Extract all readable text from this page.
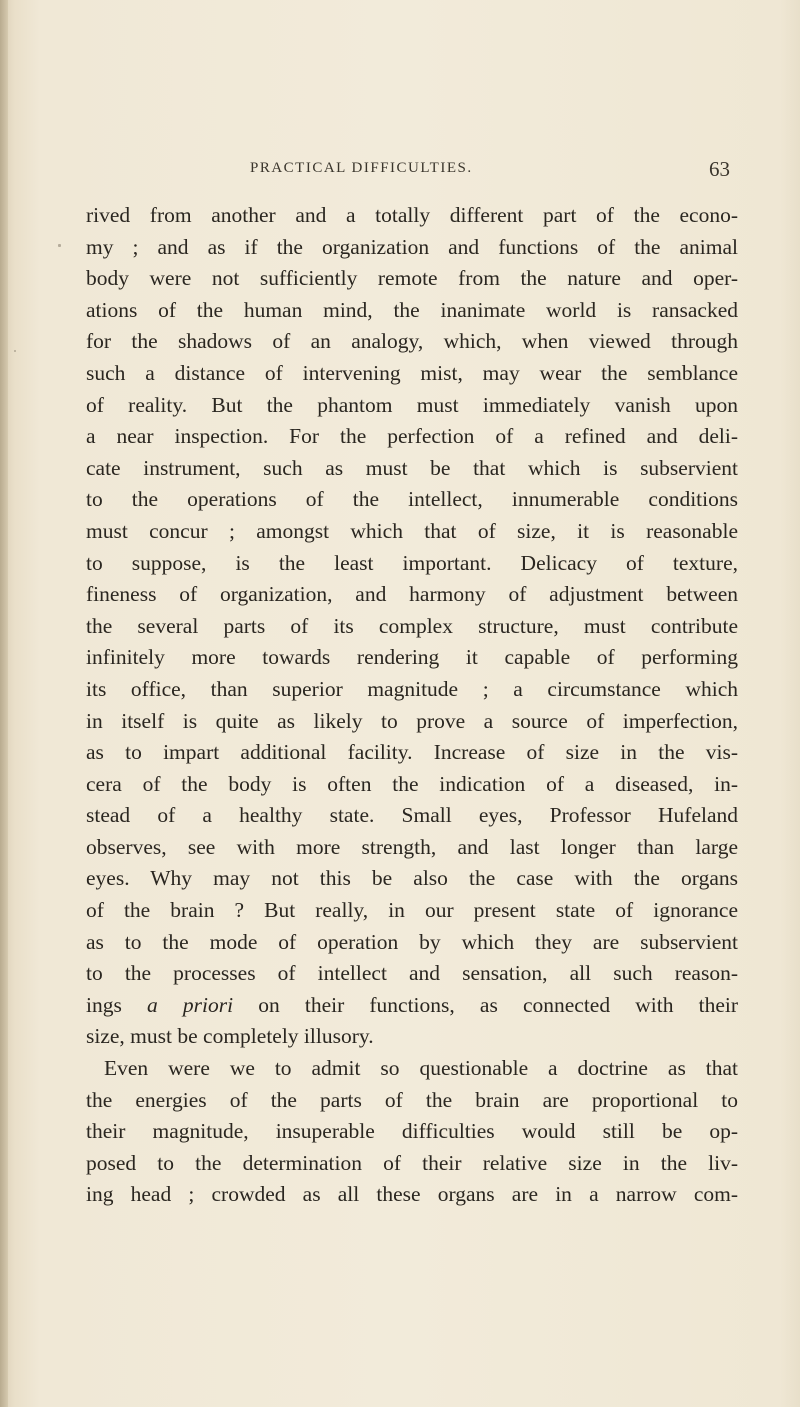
PRACTICAL DIFFICULTIES.	63
rived from another and a totally different part of the econo-
my ; and as if the organization and functions of the animal
body were not sufficiently remote from the nature and oper-
ations of the human mind, the inanimate world is ransacked
for the shadows of an analogy, which, when viewed through
such a distance of intervening mist, may wear the semblance
of reality. But the phantom must immediately vanish upon
a near inspection. For the perfection of a refined and deli-
cate instrument, such as must be that which is subservient
to the operations of the intellect, innumerable conditions
must concur ; amongst which that of size, it is reasonable
to suppose, is the least important. Delicacy of texture,
fineness of organization, and harmony of adjustment between
the several parts of its complex structure, must contribute
infinitely more towards rendering it capable of performing
its office, than superior magnitude ; a circumstance which
in itself is quite as likely to prove a source of imperfection,
as to impart additional facility. Increase of size in the vis-
cera of the body is often the indication of a diseased, in-
stead of a healthy state. Small eyes, Professor Hufeland
observes, see with more strength, and last longer than large
eyes. Why may not this be also the case with the organs
of the brain ? But really, in our present state of ignorance
as to the mode of operation by which they are subservient
to the processes of intellect and sensation, all such reason-
ings a priori on their functions, as connected with their
size, must be completely illusory.
Even were we to admit so questionable a doctrine as that
the energies of the parts of the brain are proportional to
their magnitude, insuperable difficulties would still be op-
posed to the determination of their relative size in the liv-
ing head ; crowded as all these organs are in a narrow com-
